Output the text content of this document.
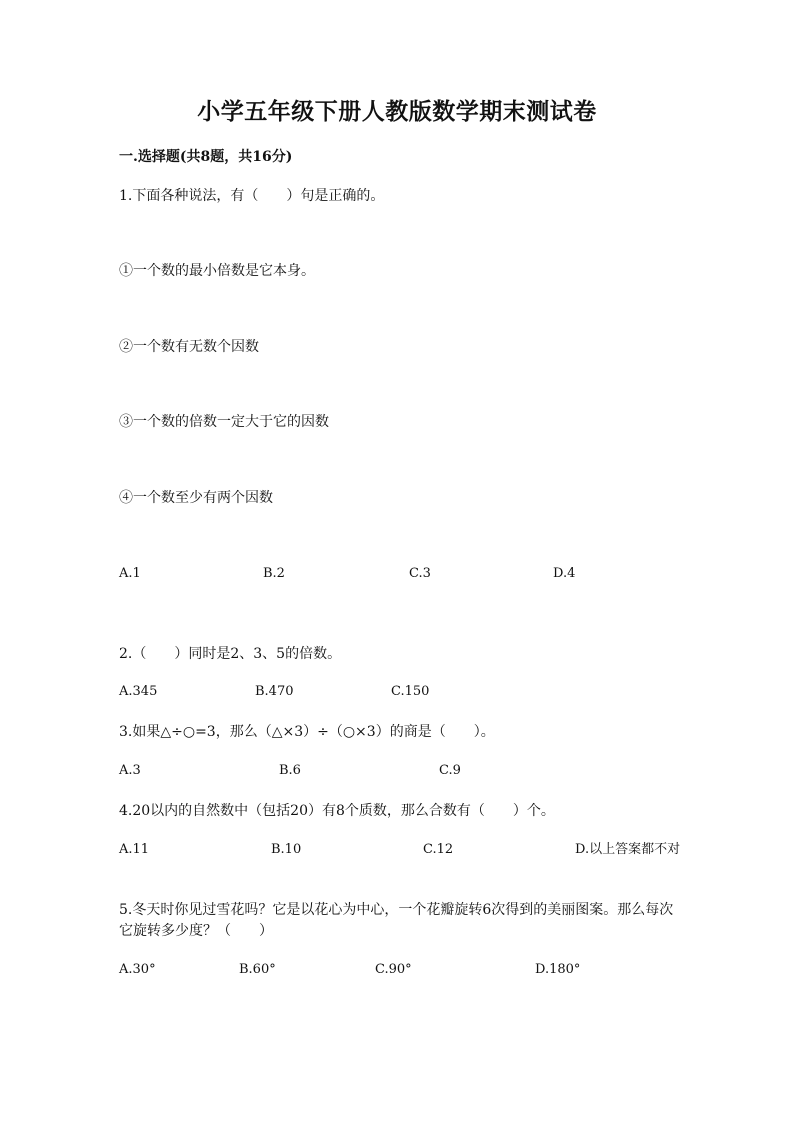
小学五年级下册人教版数学期末测试卷
一.选择题(共8题，共16分)
1.下面各种说法，有（　　）句是正确的。
①一个数的最小倍数是它本身。
②一个数有无数个因数
③一个数的倍数一定大于它的因数
④一个数至少有两个因数
A.1	B.2	C.3	D.4
2.（　　）同时是2、3、5的倍数。
A.345	B.470	C.150
3.如果△÷○=3，那么（△×3）÷（○×3）的商是（　　）。
A.3	B.6	C.9
4.20以内的自然数中（包括20）有8个质数，那么合数有（　　）个。
A.11	B.10	C.12	D.以上答案都不对
5.冬天时你见过雪花吗？它是以花心为中心，一个花瓣旋转6次得到的美丽图案。那么每次它旋转多少度？（　　）
A.30°	B.60°	C.90°	D.180°
